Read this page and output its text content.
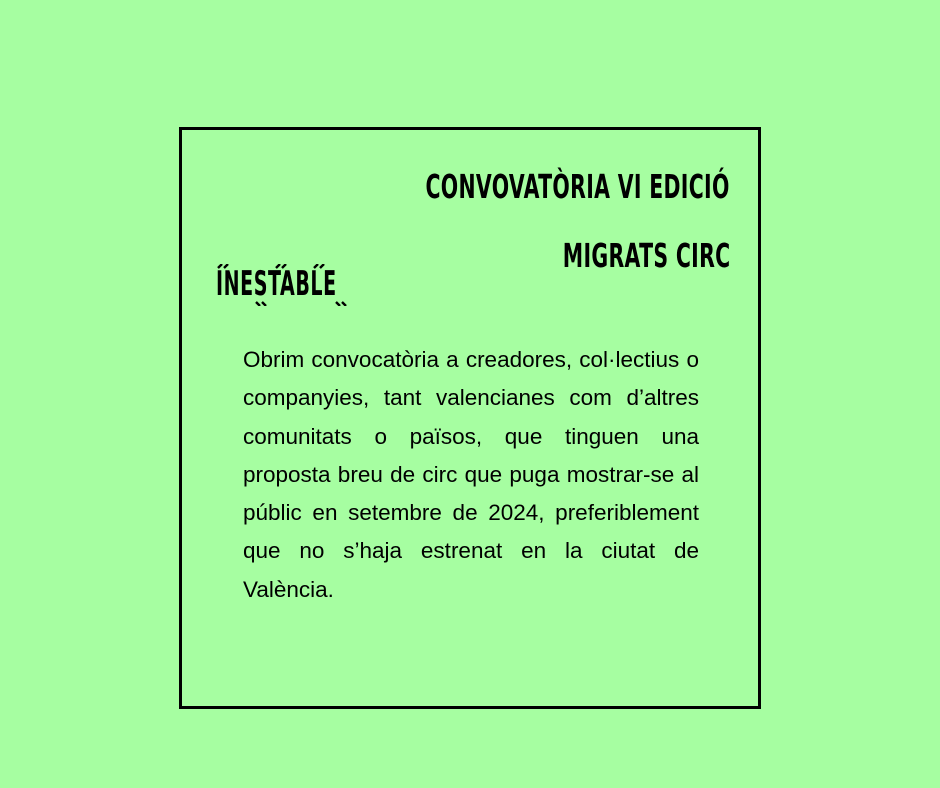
CONVOVATÒRIA VI EDICIÓ

MIGRATS CIRC

INESTABLE

Obrim convocatòria a creadores, col·lectius o companyies, tant valencianes com d’altres comunitats o països, que tinguen una proposta breu de circ que puga mostrar-se al públic en setembre de 2024, preferiblement que no s’haja estrenat en la ciutat de València.
